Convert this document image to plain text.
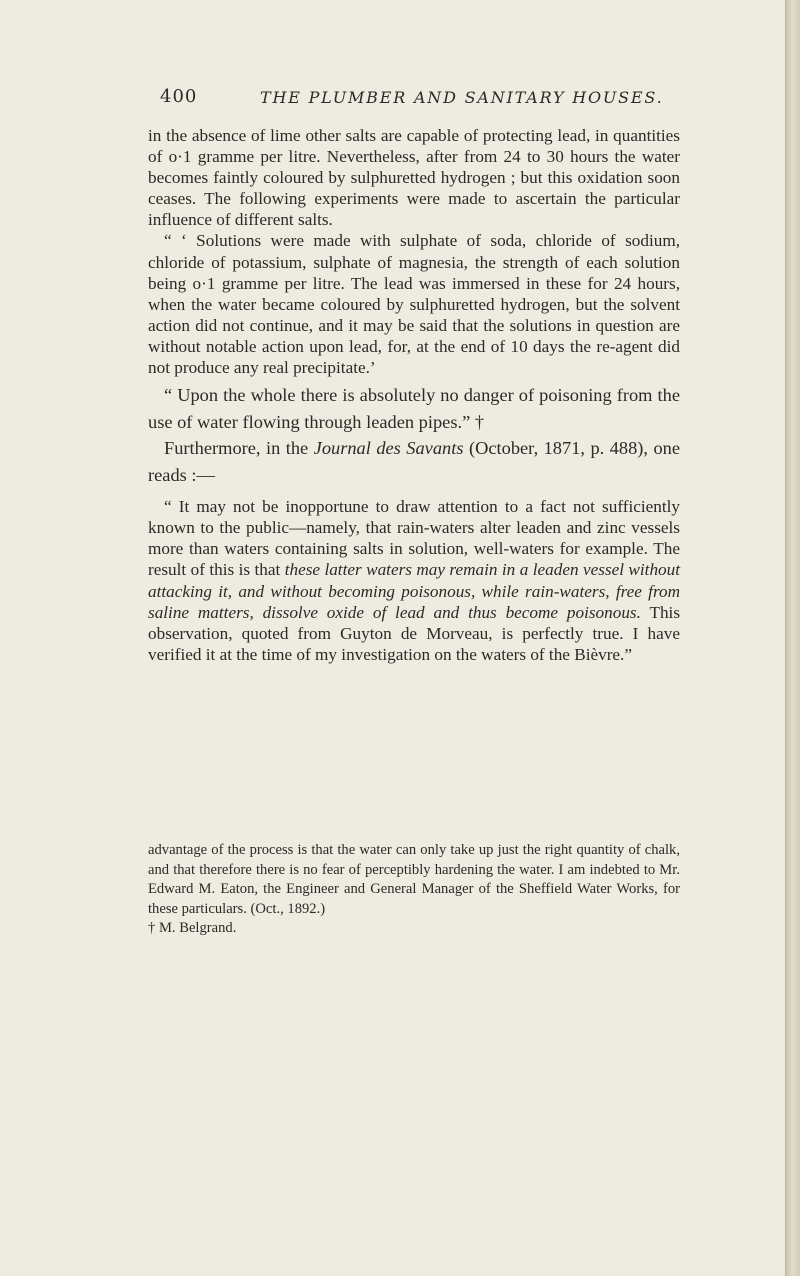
400	THE PLUMBER AND SANITARY HOUSES.

in the absence of lime other salts are capable of protecting lead, in quantities of o·1 gramme per litre. Nevertheless, after from 24 to 30 hours the water becomes faintly coloured by sulphuretted hydrogen ; but this oxidation soon ceases. The following experiments were made to ascertain the particular influence of different salts.

“ ‘ Solutions were made with sulphate of soda, chloride of sodium, chloride of potassium, sulphate of magnesia, the strength of each solution being o·1 gramme per litre. The lead was immersed in these for 24 hours, when the water became coloured by sulphuretted hydrogen, but the solvent action did not continue, and it may be said that the solutions in question are without notable action upon lead, for, at the end of 10 days the re-agent did not produce any real precipitate.’

“ Upon the whole there is absolutely no danger of poisoning from the use of water flowing through leaden pipes.” †

Furthermore, in the Journal des Savants (October, 1871, p. 488), one reads :—

“ It may not be inopportune to draw attention to a fact not sufficiently known to the public—namely, that rain-waters alter leaden and zinc vessels more than waters containing salts in solution, well-waters for example. The result of this is that these latter waters may remain in a leaden vessel without attacking it, and without becoming poisonous, while rain-waters, free from saline matters, dissolve oxide of lead and thus become poisonous. This observation, quoted from Guyton de Morveau, is perfectly true. I have verified it at the time of my investigation on the waters of the Bièvre.”

advantage of the process is that the water can only take up just the right quantity of chalk, and that therefore there is no fear of perceptibly hardening the water. I am indebted to Mr. Edward M. Eaton, the Engineer and General Manager of the Sheffield Water Works, for these particulars. (Oct., 1892.)

† M. Belgrand.
